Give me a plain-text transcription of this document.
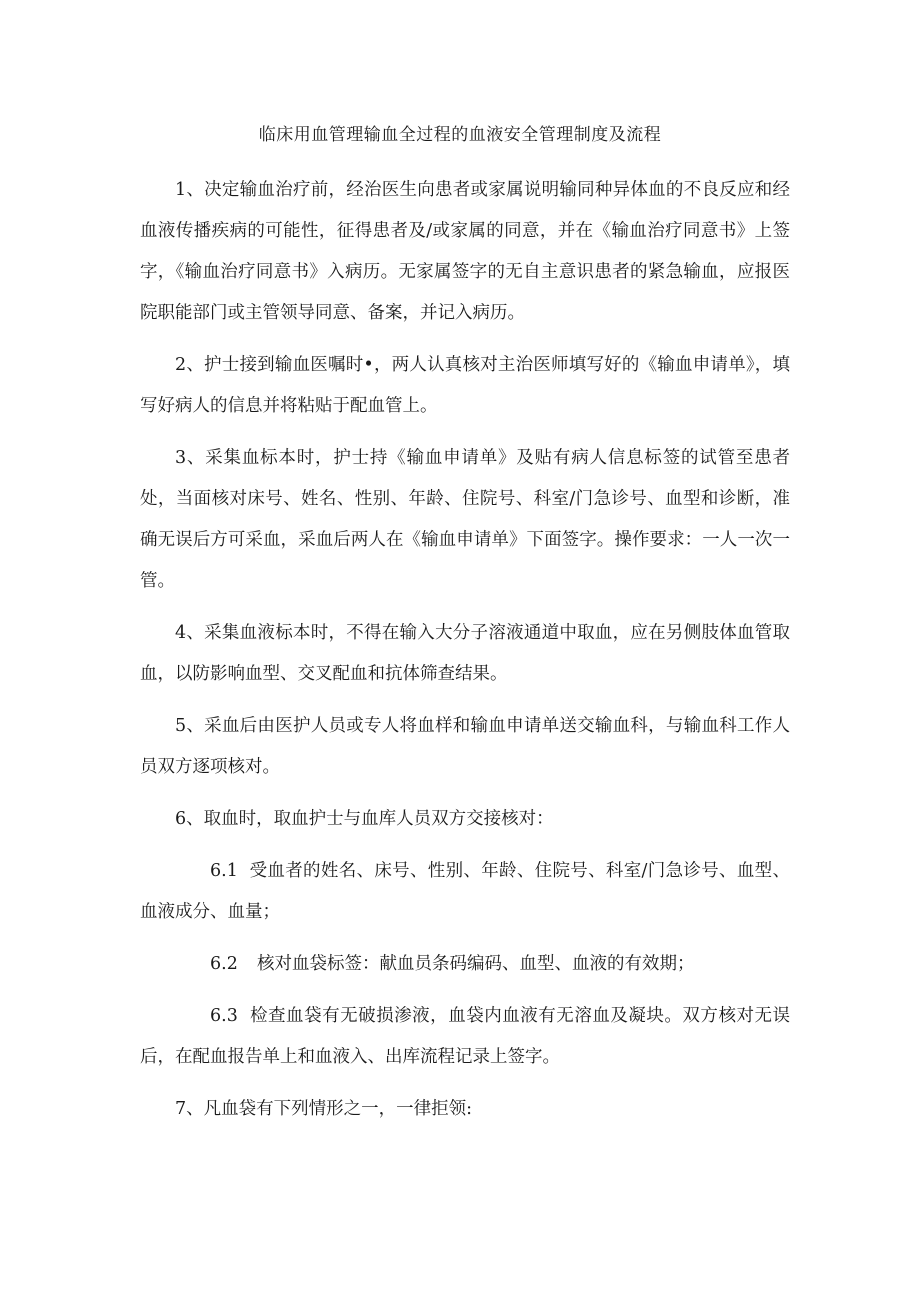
临床用血管理输血全过程的血液安全管理制度及流程

1、决定输血治疗前，经治医生向患者或家属说明输同种异体血的不良反应和经血液传播疾病的可能性，征得患者及/或家属的同意，并在《输血治疗同意书》上签字，《输血治疗同意书》入病历。无家属签字的无自主意识患者的紧急输血，应报医院职能部门或主管领导同意、备案，并记入病历。

2、护士接到输血医嘱时•，两人认真核对主治医师填写好的《输血申请单》，填写好病人的信息并将粘贴于配血管上。

3、采集血标本时，护士持《输血申请单》及贴有病人信息标签的试管至患者处，当面核对床号、姓名、性别、年龄、住院号、科室/门急诊号、血型和诊断，准确无误后方可采血，采血后两人在《输血申请单》下面签字。操作要求：一人一次一管。

4、采集血液标本时，不得在输入大分子溶液通道中取血，应在另侧肢体血管取血，以防影响血型、交叉配血和抗体筛查结果。

5、采血后由医护人员或专人将血样和输血申请单送交输血科，与输血科工作人员双方逐项核对。

6、取血时，取血护士与血库人员双方交接核对：

6.1 受血者的姓名、床号、性别、年龄、住院号、科室/门急诊号、血型、血液成分、血量；

6.2 核对血袋标签：献血员条码编码、血型、血液的有效期；

6.3 检查血袋有无破损渗液，血袋内血液有无溶血及凝块。双方核对无误后，在配血报告单上和血液入、出库流程记录上签字。

7、凡血袋有下列情形之一，一律拒领:
